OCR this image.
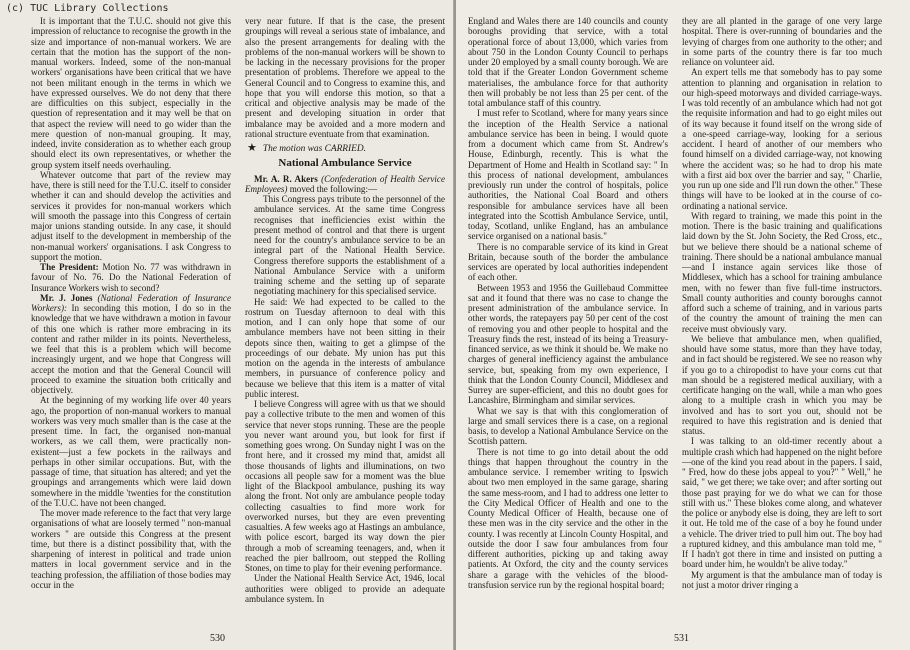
(c) TUC Library Collections

It is important that the T.U.C. should not give this impression of reluctance to recognise the growth in the size and importance of non-manual workers. We are certain that the motion has the support of the non-manual workers. Indeed, some of the non-manual workers' organisations have been critical that we have not been militant enough in the terms in which we have expressed ourselves. We do not deny that there are difficulties on this subject, especially in the question of representation and it may well be that on that aspect the review will need to go wider than the mere question of non-manual grouping. It may, indeed, invite consideration as to whether each group should elect its own representatives, or whether the group system itself needs overhauling.

Whatever outcome that part of the review may have, there is still need for the T.U.C. itself to consider whether it can and should develop the activities and services it provides for non-manual workers which will smooth the passage into this Congress of certain major unions standing outside. In any case, it should adjust itself to the development in membership of the non-manual workers' organisations. I ask Congress to support the motion.

The President: Motion No. 77 was withdrawn in favour of No. 76. Do the National Federation of Insurance Workers wish to second?

Mr. J. Jones (National Federation of Insurance Workers): In seconding this motion, I do so in the knowledge that we have withdrawn a motion in favour of this one which is rather more embracing in its content and rather milder in its points. Nevertheless, we feel that this is a problem which will become increasingly urgent, and we hope that Congress will accept the motion and that the General Council will proceed to examine the situation both critically and objectively.

At the beginning of my working life over 40 years ago, the proportion of non-manual workers to manual workers was very much smaller than is the case at the present time. In fact, the organised non-manual workers, as we call them, were practically non-existent—just a few pockets in the railways and perhaps in other similar occupations. But, with the passage of time, that situation has altered; and yet the groupings and arrangements which were laid down somewhere in the middle 'twenties for the constitution of the T.U.C. have not been changed.

The mover made reference to the fact that very large organisations of what are loosely termed " non-manual workers " are outside this Congress at the present time, but there is a distinct possibility that, with the sharpening of interest in political and trade union matters in local government service and in the teaching profession, the affiliation of those bodies may occur in the

very near future. If that is the case, the present groupings will reveal a serious state of imbalance, and also the present arrangements for dealing with the problems of the non-manual workers will be shown to be lacking in the necessary provisions for the proper presentation of problems. Therefore we appeal to the General Council and to Congress to examine this, and hope that you will endorse this motion, so that a critical and objective analysis may be made of the present and developing situation in order that imbalance may be avoided and a more modern and rational structure eventuate from that examination.

★ The motion was CARRIED.
National Ambulance Service

Mr. A. R. Akers (Confederation of Health Service Employees) moved the following:—

This Congress pays tribute to the personnel of the ambulance services. At the same time Congress recognises that inefficiencies exist within the present method of control and that there is urgent need for the country's ambulance service to be an integral part of the National Health Service. Congress therefore supports the establishment of a National Ambulance Service with a uniform training scheme and the setting up of separate negotiating machinery for this specialised service.

He said: We had expected to be called to the rostrum on Tuesday afternoon to deal with this motion, and I can only hope that some of our ambulance members have not been sitting in their depots since then, waiting to get a glimpse of the proceedings of our debate. My union has put this motion on the agenda in the interests of ambulance members, in pursuance of conference policy and because we believe that this item is a matter of vital public interest.

I believe Congress will agree with us that we should pay a collective tribute to the men and women of this service that never stops running. These are the people you never want around you, but look for first if something goes wrong. On Sunday night I was on the front here, and it crossed my mind that, amidst all those thousands of lights and illuminations, on two occasions all people saw for a moment was the blue light of the Blackpool ambulance, pushing its way along the front. Not only are ambulance people today collecting casualties to find more work for overworked nurses, but they are even preventing casualties. A few weeks ago at Hastings an ambulance, with police escort, barged its way down the pier through a mob of screaming teenagers, and, when it reached the pier ballroom, out stepped the Rolling Stones, on time to play for their evening performance.

Under the National Health Service Act, 1946, local authorities were obliged to provide an adequate ambulance system. In

530

England and Wales there are 140 councils and county boroughs providing that service, with a total operational force of about 13,000, which varies from about 750 in the London County Council to perhaps under 20 employed by a small county borough. We are told that if the Greater London Government scheme materialises, the ambulance force for that authority then will probably be not less than 25 per cent. of the total ambulance staff of this country.

I must refer to Scotland, where for many years since the inception of the Health Service a national ambulance service has been in being. I would quote from a document which came from St. Andrew's House, Edinburgh, recently. This is what the Department of Home and Health in Scotland say: " In this process of national development, ambulances previously run under the control of hospitals, police authorities, the National Coal Board and others responsible for ambulance services have all been integrated into the Scottish Ambulance Service, until, today, Scotland, unlike England, has an ambulance service organised on a national basis."

There is no comparable service of its kind in Great Britain, because south of the border the ambulance services are operated by local authorities independent of each other.

Between 1953 and 1956 the Guillebaud Committee sat and it found that there was no case to change the present administration of the ambulance service. In other words, the ratepayers pay 50 per cent of the cost of removing you and other people to hospital and the Treasury finds the rest, instead of its being a Treasury-financed service, as we think it should be. We make no charges of general inefficiency against the ambulance service, but, speaking from my own experience, I think that the London County Council, Middlesex and Surrey are super-efficient, and this no doubt goes for Lancashire, Birmingham and similar services.

What we say is that with this conglomeration of large and small services there is a case, on a regional basis, to develop a National Ambulance Service on the Scottish pattern.

There is not time to go into detail about the odd things that happen throughout the country in the ambulance service. I remember writing to Ipswich about two men employed in the same garage, sharing the same mess-room, and I had to address one letter to the City Medical Officer of Health and one to the County Medical Officer of Health, because one of these men was in the city service and the other in the county. I was recently at Lincoln County Hospital, and outside the door I saw four ambulances from four different authorities, picking up and taking away patients. At Oxford, the city and the county services share a garage with the vehicles of the blood-transfusion service run by the regional hospital board;

they are all planted in the garage of one very large hospital. There is over-running of boundaries and the levying of charges from one authority to the other; and in some parts of the country there is far too much reliance on volunteer aid.

An expert tells me that somebody has to pay some attention to planning and organisation in relation to our high-speed motorways and divided carriage-ways. I was told recently of an ambulance which had not got the requisite information and had to go eight miles out of its way because it found itself on the wrong side of a one-speed carriage-way, looking for a serious accident. I heard of another of our members who found himself on a divided carriage-way, not knowing where the accident was; so he had to drop his mate with a first aid box over the barrier and say, " Charlie, you run up one side and I'll run down the other." These things will have to be looked at in the course of co-ordinating a national service.

With regard to training, we made this point in the motion. There is the basic training and qualifications laid down by the St. John Society, the Red Cross, etc., but we believe there should be a national scheme of training. There should be a national ambulance manual—and I instance again services like those of Middlesex, which has a school for training ambulance men, with no fewer than five full-time instructors. Small county authorities and county boroughs cannot afford such a scheme of training, and in various parts of the country the amount of training the men can receive must obviously vary.

We believe that ambulance men, when qualified, should have some status, more than they have today, and in fact should be registered. We see no reason why if you go to a chiropodist to have your corns cut that man should be a registered medical auxiliary, with a certificate hanging on the wall, while a man who goes along to a multiple crash in which you may be involved and has to sort you out, should not be required to have this registration and is denied that status.

I was talking to an old-timer recently about a multiple crash which had happened on the night before—one of the kind you read about in the papers. I said, " Fred, how do these jobs appeal to you?" " Well," he said, " we get there; we take over; and after sorting out those past praying for we do what we can for those still with us." These blokes come along, and whatever the police or anybody else is doing, they are left to sort it out. He told me of the case of a boy he found under a vehicle. The driver tried to pull him out. The boy had a ruptured kidney, and this ambulance man told me, " If I hadn't got there in time and insisted on putting a board under him, he wouldn't be alive today."

My argument is that the ambulance man of today is not just a motor driver ringing a

531
